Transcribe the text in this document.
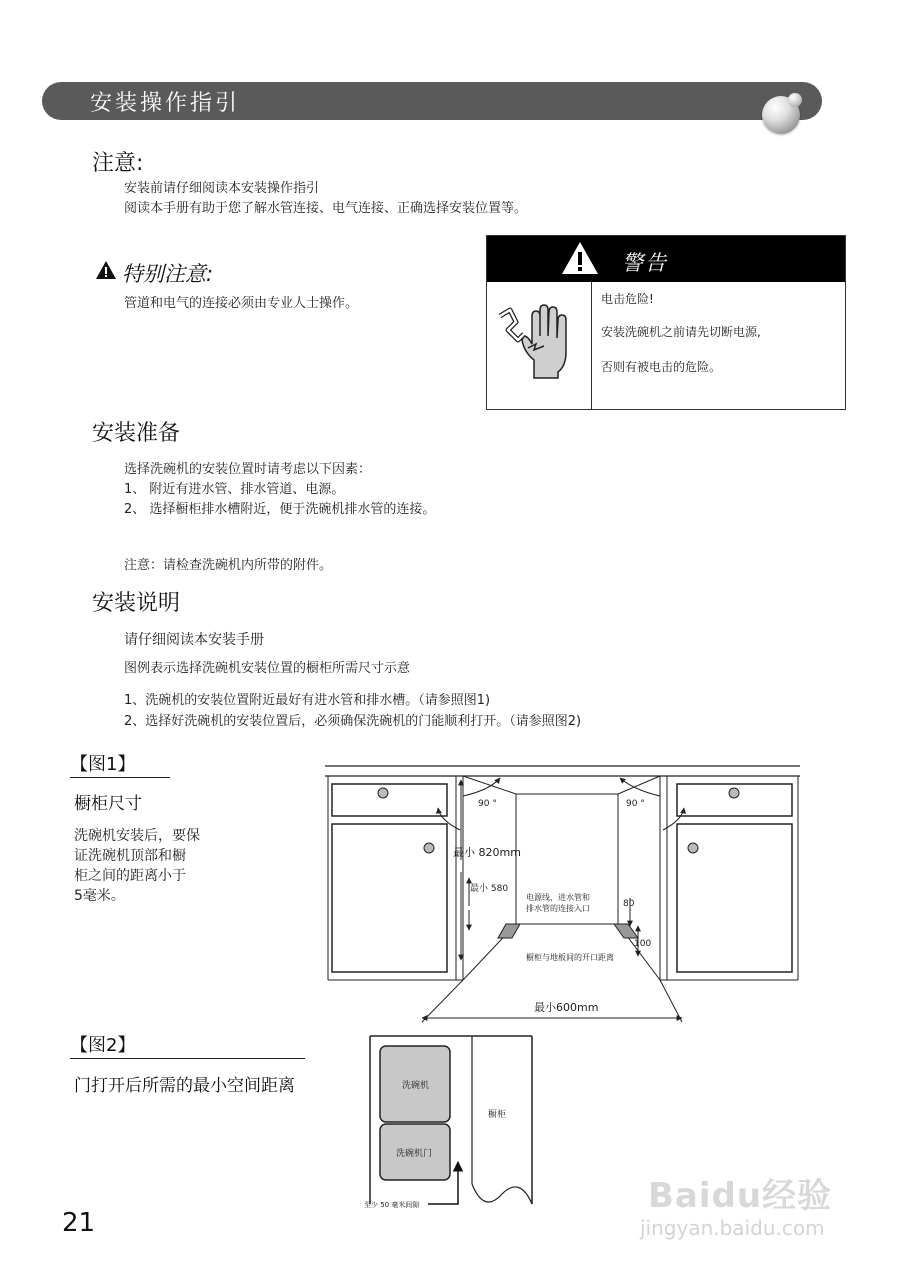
安装操作指引
注意:
安装前请仔细阅读本安装操作指引
阅读本手册有助于您了解水管连接、电气连接、正确选择安装位置等。
特别注意:
管道和电气的连接必须由专业人士操作。
警告
电击危险!
安装洗碗机之前请先切断电源,
否则有被电击的危险。
安装准备
选择洗碗机的安装位置时请考虑以下因素：
1、 附近有进水管、排水管道、电源。
2、 选择橱柜排水槽附近，便于洗碗机排水管的连接。
注意：请检查洗碗机内所带的附件。
安装说明
请仔细阅读本安装手册
图例表示选择洗碗机安装位置的橱柜所需尺寸示意
1、洗碗机的安装位置附近最好有进水管和排水槽。（请参照图1)
2、选择好洗碗机的安装位置后，必须确保洗碗机的门能顺利打开。（请参照图2)
【图1】
橱柜尺寸
洗碗机安装后，要保
证洗碗机顶部和橱
柜之间的距离小于
5毫米。
90 °	90 °
最小 820mm
最小 580
电源线，进水管和
排水管的连接入口	80
100
橱柜与地板间的开口距离
最小600mm
【图2】
门打开后所需的最小空间距离	洗碗机
洗碗机门
橱柜
至少 50 毫米间隙
21
Baidu经验
jingyan.baidu.com
